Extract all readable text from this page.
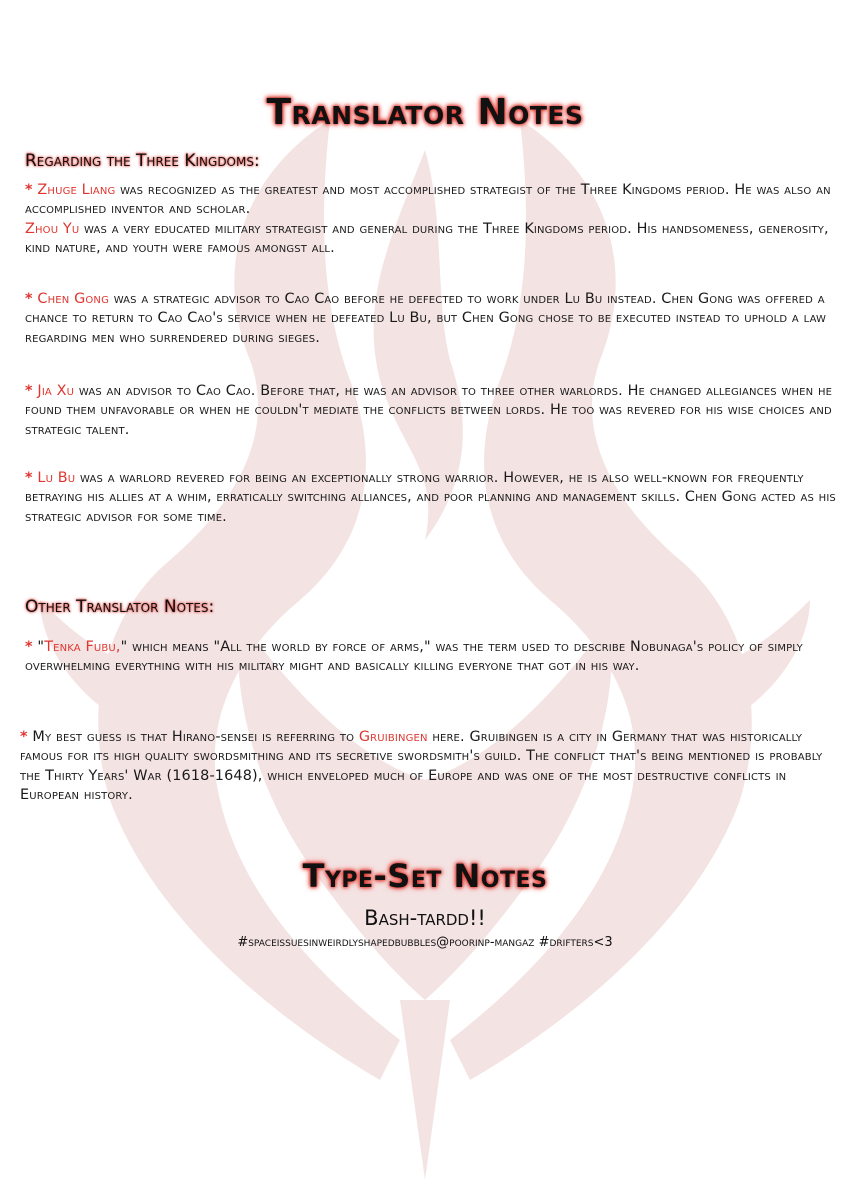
Translator Notes
Regarding the Three Kingdoms:

* Zhuge Liang was recognized as the greatest and most accomplished strategist of the Three Kingdoms period. He was also an accomplished inventor and scholar.
Zhou Yu was a very educated military strategist and general during the Three Kingdoms period. His handsomeness, generosity, kind nature, and youth were famous amongst all.

* Chen Gong was a strategic advisor to Cao Cao before he defected to work under Lu Bu instead. Chen Gong was offered a chance to return to Cao Cao's service when he defeated Lu Bu, but Chen Gong chose to be executed instead to uphold a law regarding men who surrendered during sieges.

* Jia Xu was an advisor to Cao Cao. Before that, he was an advisor to three other warlords. He changed allegiances when he found them unfavorable or when he couldn't mediate the conflicts between lords. He too was revered for his wise choices and strategic talent.

* Lu Bu was a warlord revered for being an exceptionally strong warrior. However, he is also well-known for frequently betraying his allies at a whim, erratically switching alliances, and poor planning and management skills. Chen Gong acted as his strategic advisor for some time.

Other Translator Notes:

* "Tenka Fubu," which means "All the world by force of arms," was the term used to describe Nobunaga's policy of simply overwhelming everything with his military might and basically killing everyone that got in his way.

* My best guess is that Hirano-sensei is referring to Gruibingen here. Gruibingen is a city in Germany that was historically famous for its high quality swordsmithing and its secretive swordsmith's guild. The conflict that's being mentioned is probably the Thirty Years' War (1618-1648), which enveloped much of Europe and was one of the most destructive conflicts in European history.

Type-Set Notes
Bash-tardd!!
#spaceissuesinweirdlyshapedbubbles@poorinp-mangaz #drifters<3
